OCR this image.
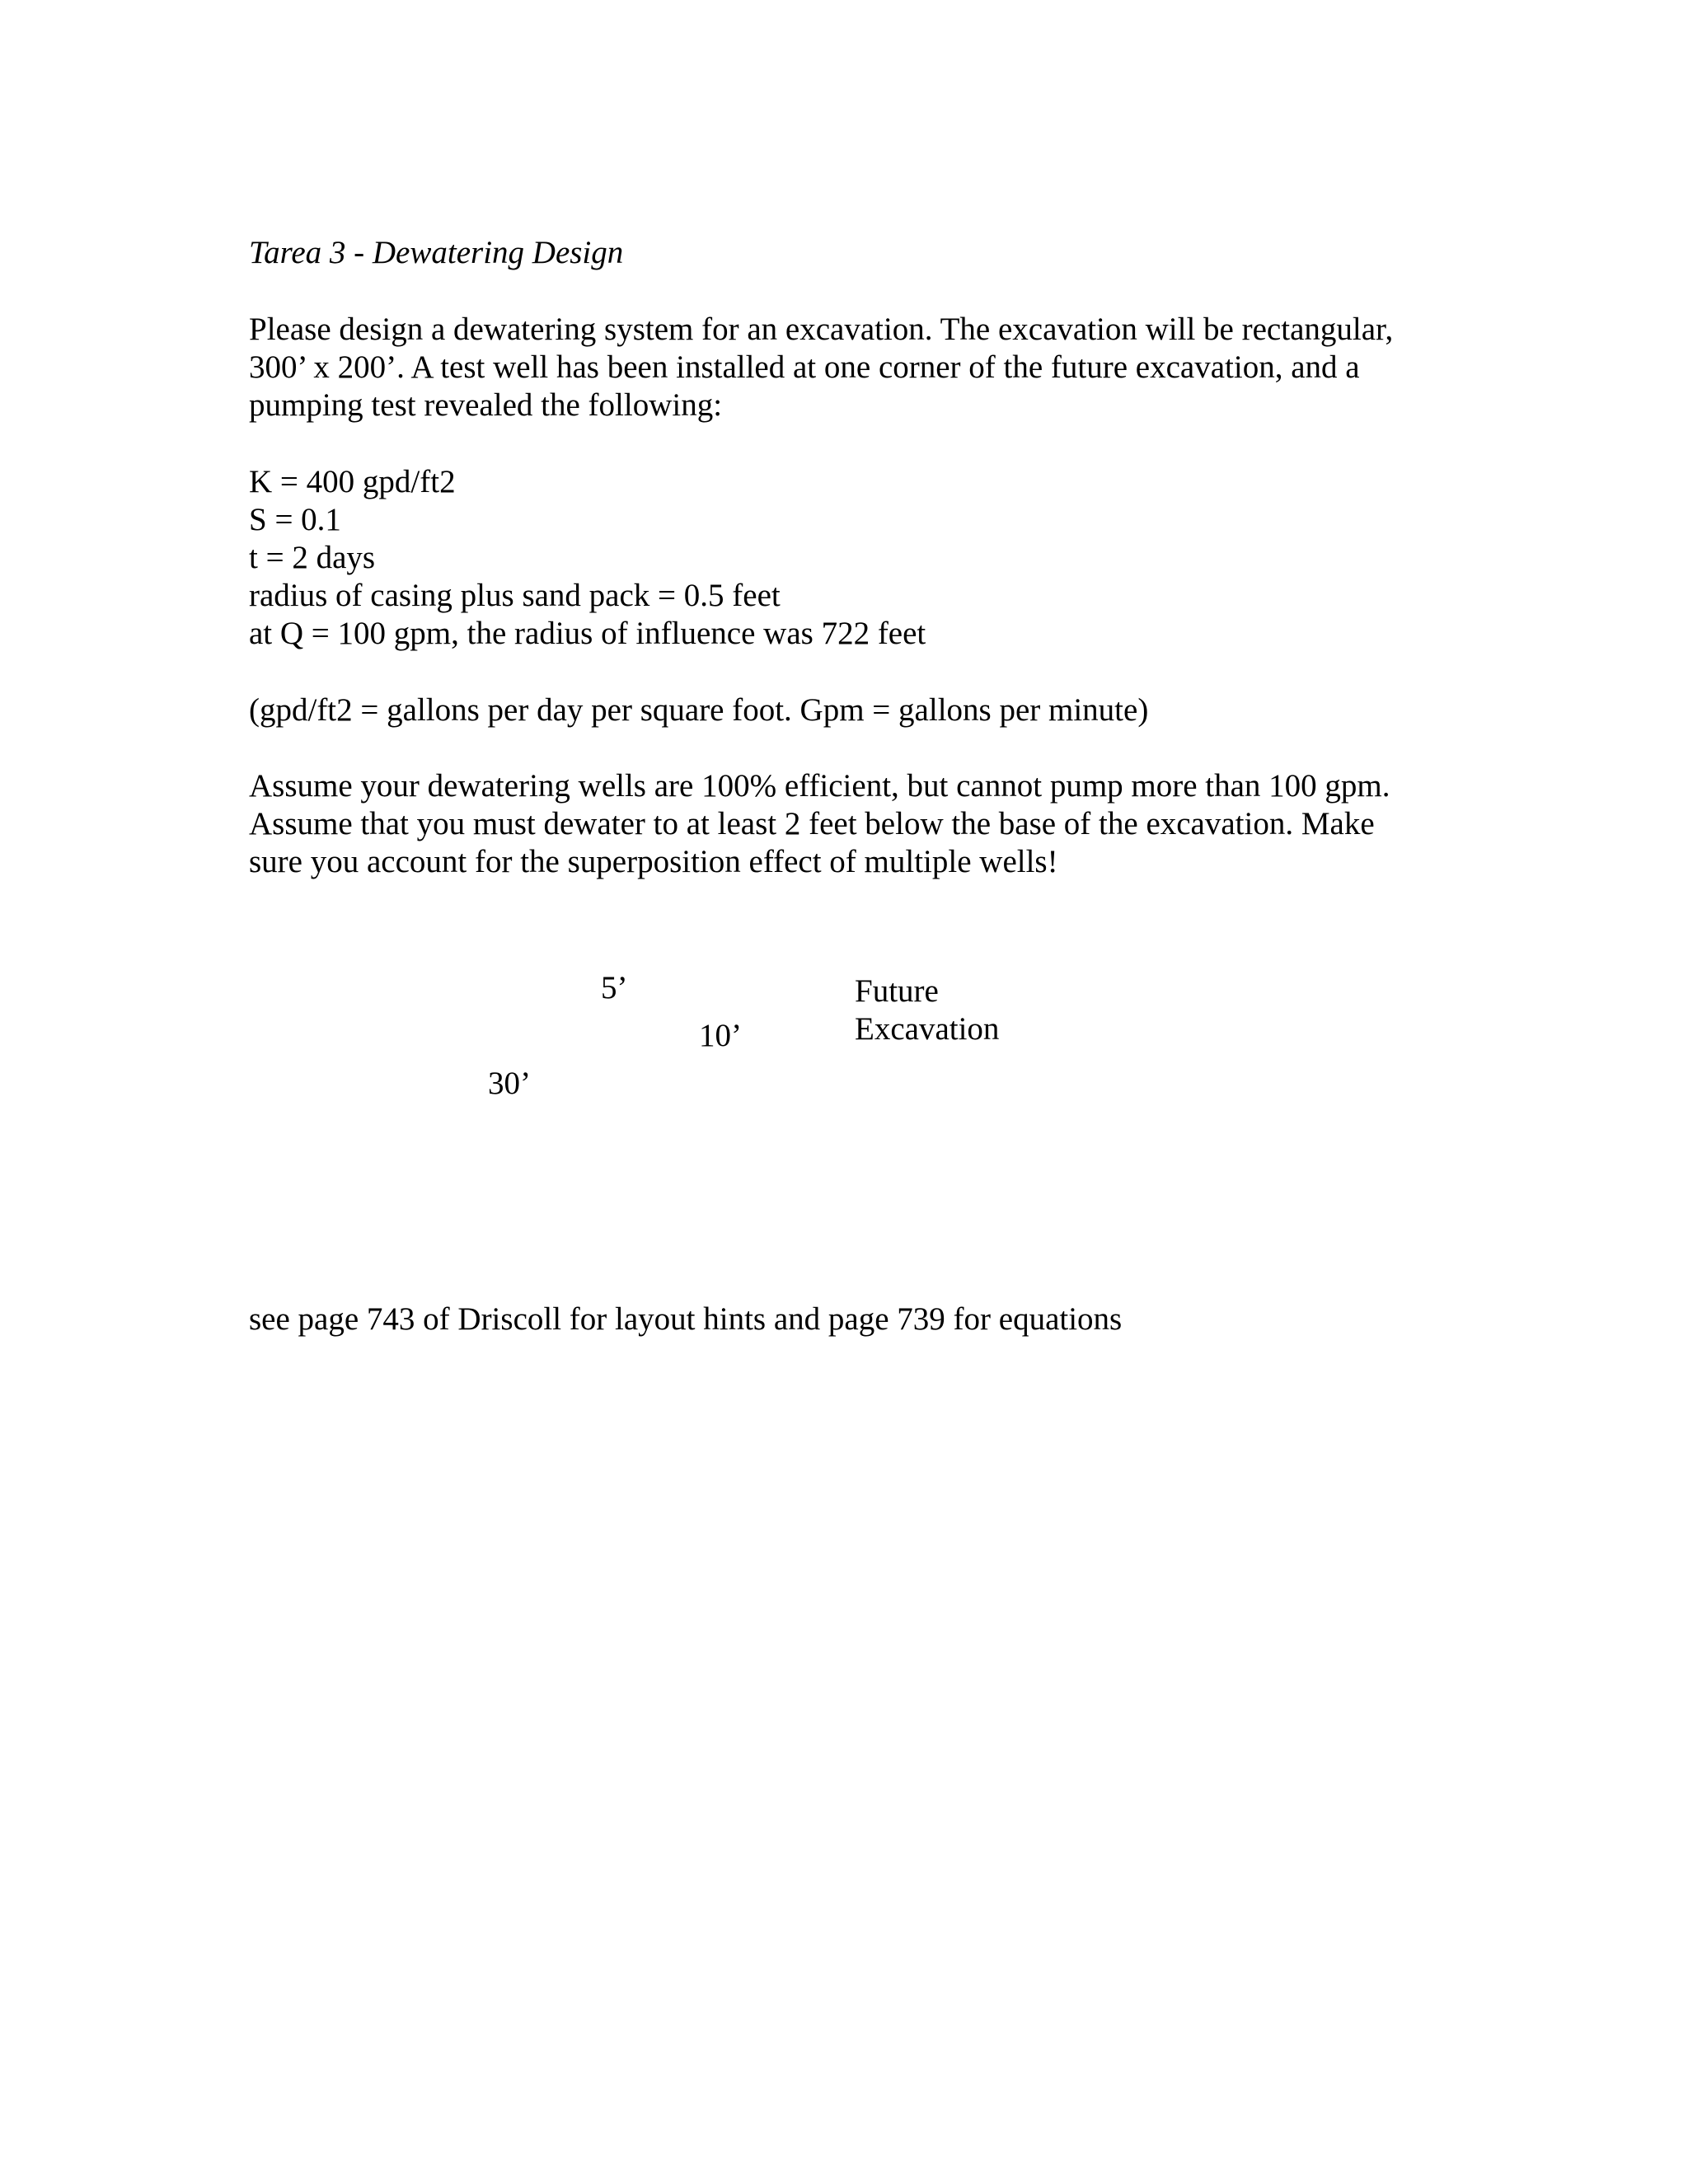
Tarea 3 - Dewatering Design

Please design a dewatering system for an excavation. The excavation will be rectangular,

300’ x 200’. A test well has been installed at one corner of the future excavation, and a

pumping test revealed the following:

K = 400 gpd/ft2

S = 0.1

t = 2 days

radius of casing plus sand pack = 0.5 feet

at Q = 100 gpm, the radius of influence was 722 feet

(gpd/ft2 = gallons per day per square foot. Gpm = gallons per minute)

Assume your dewatering wells are 100% efficient, but cannot pump more than 100 gpm.

Assume that you must dewater to at least 2 feet below the base of the excavation. Make

sure you account for the superposition effect of multiple wells!

5’
10’
30’
Future
Excavation

see page 743 of Driscoll for layout hints and page 739 for equations
